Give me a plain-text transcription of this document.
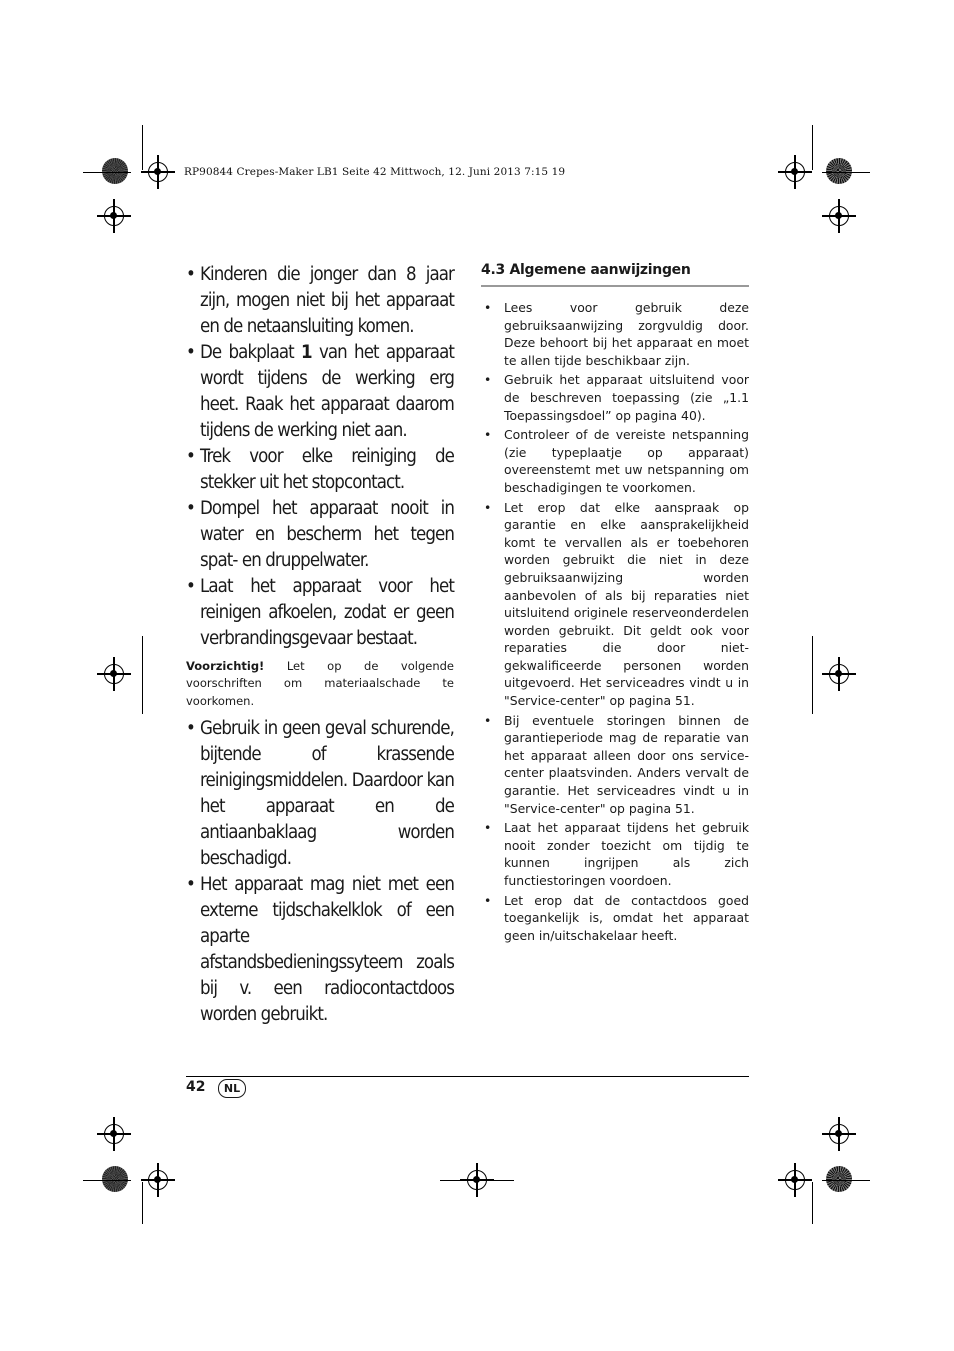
RP90844 Crepes-Maker LB1 Seite 42 Mittwoch, 12. Juni 2013 7:15 19
• Kinderen die jonger dan 8 jaar zijn, mogen niet bij het apparaat en de netaansluiting komen.
• De bakplaat 1 van het apparaat wordt tijdens de werking erg heet. Raak het apparaat daarom tijdens de werking niet aan.
• Trek voor elke reiniging de stekker uit het stopcontact.
• Dompel het apparaat nooit in water en bescherm het tegen spat- en druppelwater.
• Laat het apparaat voor het reinigen afkoelen, zodat er geen verbrandingsgevaar bestaat.
Voorzichtig! Let op de volgende voorschriften om materiaalschade te voorkomen.
• Gebruik in geen geval schurende, bijtende of krassende reinigingsmiddelen. Daardoor kan het apparaat en de antiaanbaklaag worden beschadigd.
• Het apparaat mag niet met een externe tijdschakelklok of een aparte afstandsbedieningssyteem zoals bij v. een radiocontactdoos worden gebruikt.
4.3 Algemene aanwijzingen
• Lees voor gebruik deze gebruiksaanwijzing zorgvuldig door. Deze behoort bij het apparaat en moet te allen tijde beschikbaar zijn.
• Gebruik het apparaat uitsluitend voor de beschreven toepassing (zie „1.1 Toepassingsdoel” op pagina 40).
• Controleer of de vereiste netspanning (zie typeplaatje op apparaat) overeenstemt met uw netspanning om beschadigingen te voorkomen.
• Let erop dat elke aanspraak op garantie en elke aansprakelijkheid komt te vervallen als er toebehoren worden gebruikt die niet in deze gebruiksaanwijzing worden aanbevolen of als bij reparaties niet uitsluitend originele reserveonderdelen worden gebruikt. Dit geldt ook voor reparaties die door niet-gekwalificeerde personen worden uitgevoerd. Het serviceadres vindt u in "Service-center" op pagina 51.
• Bij eventuele storingen binnen de garantieperiode mag de reparatie van het apparaat alleen door ons service-center plaatsvinden. Anders vervalt de garantie. Het serviceadres vindt u in "Service-center" op pagina 51.
• Laat het apparaat tijdens het gebruik nooit zonder toezicht om tijdig te kunnen ingrijpen als zich functiestoringen voordoen.
• Let erop dat de contactdoos goed toegankelijk is, omdat het apparaat geen in/uitschakelaar heeft.
42	NL
